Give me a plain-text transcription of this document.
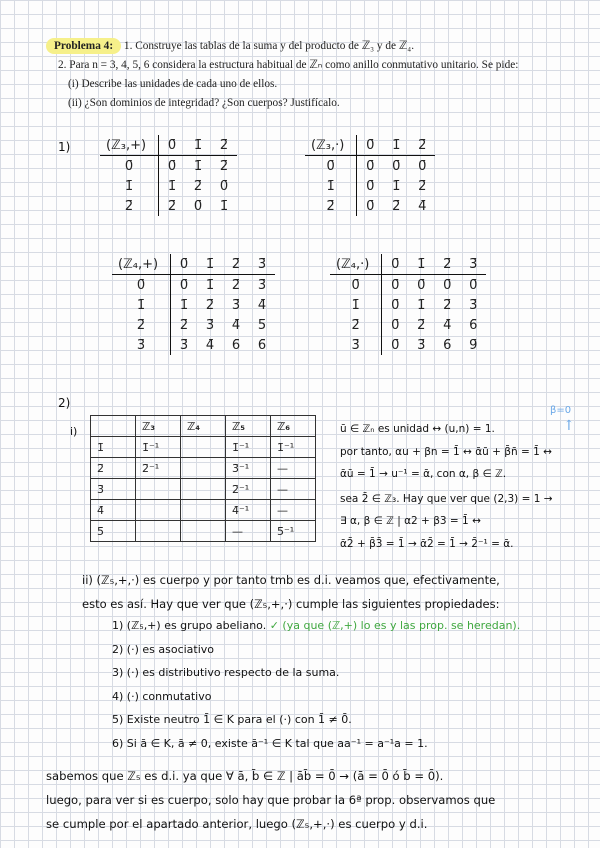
Problema 4: 1. Construye las tablas de la suma y del producto de ℤ₃ y de ℤ₄.
2. Para n = 3, 4, 5, 6 considera la estructura habitual de ℤₙ como anillo conmutativo unitario. Se pide:
(i) Describe las unidades de cada uno de ellos.
(ii) ¿Son dominios de integridad? ¿Son cuerpos? Justifícalo.
1)	(ℤ₃,+)	0̄	1̄	2̄
0̄	0̄	1̄	2̄
1̄	1̄	2̄	0̄
2̄	2̄	0̄	1̄
(ℤ₃,·)	0̄	1̄	2̄
0̄	0̄	0̄	0̄
1̄	0̄	1̄	2̄
2̄	0̄	2̄	4̄
(ℤ₄,+)	0̄	1̄	2̄	3̄
0̄	0̄	1̄	2̄	3̄
1̄	1̄	2̄	3̄	4̄
2̄	2̄	3̄	4̄	5̄
3̄	3̄	4̄	6̄	6̄
(ℤ₄,·)	0̄	1̄	2̄	3̄
0̄	0̄	0̄	0̄	0̄
1̄	0̄	1̄	2̄	3̄
2̄	0̄	2̄	4̄	6̄
3̄	0̄	3̄	6̄	9̄
2)
i)
		ℤ₃	ℤ₄	ℤ₅	ℤ₆
1̄	1̄⁻¹		1̄⁻¹	1̄⁻¹
2̄	2̄⁻¹		3̄⁻¹	—
3̄			2̄⁻¹	—
4̄			4̄⁻¹	—
5̄			—	5̄⁻¹
ū ∈ ℤₙ es unidad ↔ (u,n) = 1.
por tanto, αu + βn = 1̄ ↔ ᾱū + β̄n̄ = 1̄ ↔
ᾱū = 1̄ → u⁻¹ = ᾱ, con α, β ∈ ℤ.
sea 2̄ ∈ ℤ₃. Hay que ver que (2,3) = 1 →
∃ α, β ∈ ℤ | α2 + β3 = 1̄ ↔
ᾱ2̄ + β̄3̄ = 1̄ → ᾱ2̄ = 1̄ → 2̄⁻¹ = ᾱ.
β=0
↑
ii) (ℤ₅,+,·) es cuerpo y por tanto tmb es d.i. veamos que, efectivamente,
esto es así. Hay que ver que (ℤ₅,+,·) cumple las siguientes propiedades:
1) (ℤ₅,+) es grupo abeliano. ✓ (ya que (ℤ,+) lo es y las prop. se heredan).
2) (·) es asociativo
3) (·) es distributivo respecto de la suma.
4) (·) conmutativo
5) Existe neutro 1̄ ∈ K para el (·) con 1̄ ≠ 0̄.
6) Si ā ∈ K, ā ≠ 0, existe ā⁻¹ ∈ K tal que aa⁻¹ = a⁻¹a = 1.
sabemos que ℤ₅ es d.i. ya que ∀ ā, b̄ ∈ ℤ | āb̄ = 0̄ → (ā = 0̄ ó b̄ = 0̄).
luego, para ver si es cuerpo, solo hay que probar la 6ª prop. observamos que
se cumple por el apartado anterior, luego (ℤ₅,+,·) es cuerpo y d.i.
